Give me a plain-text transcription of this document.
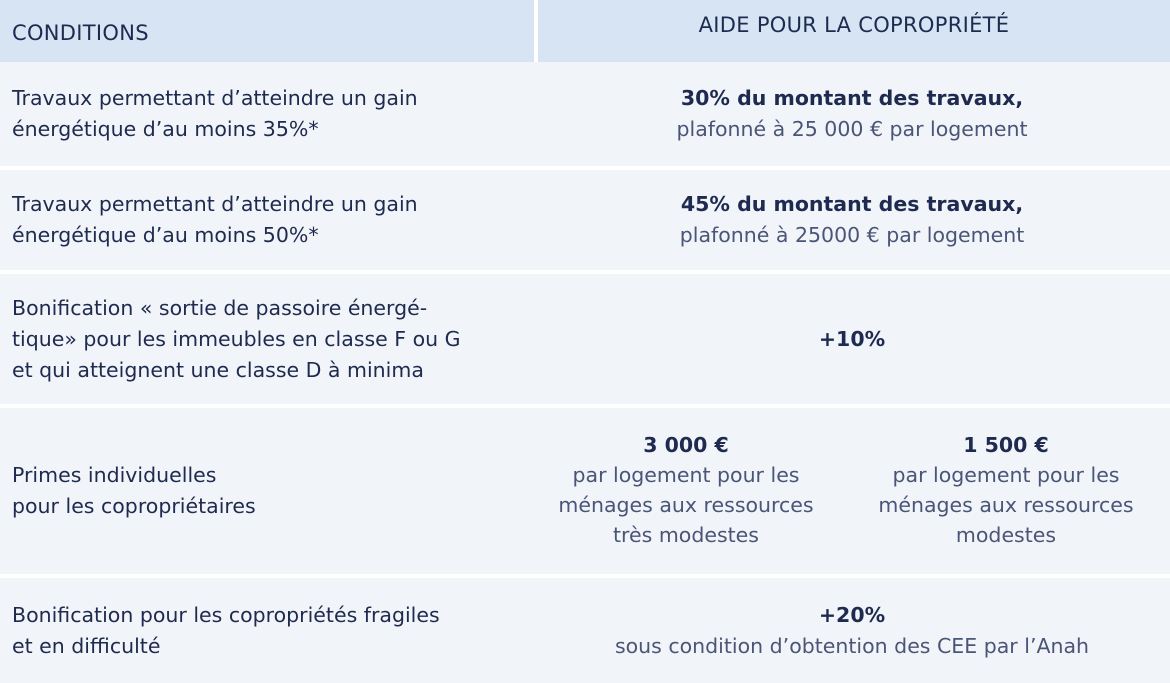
CONDITIONS	AIDE POUR LA COPROPRIÉTÉ
Travaux permettant d’atteindre un gain
énergétique d’au moins 35%*
30% du montant des travaux,
plafonné à 25 000 € par logement
Travaux permettant d’atteindre un gain
énergétique d’au moins 50%*
45% du montant des travaux,
plafonné à 25000 € par logement
Bonification « sortie de passoire énergé-
tique» pour les immeubles en classe F ou G
et qui atteignent une classe D à minima
+10%
Primes individuelles
pour les copropriétaires
3 000 €
par logement pour les
ménages aux ressources
très modestes
1 500 €
par logement pour les
ménages aux ressources
modestes
Bonification pour les copropriétés fragiles
et en difficulté
+20%
sous condition d’obtention des CEE par l’Anah
